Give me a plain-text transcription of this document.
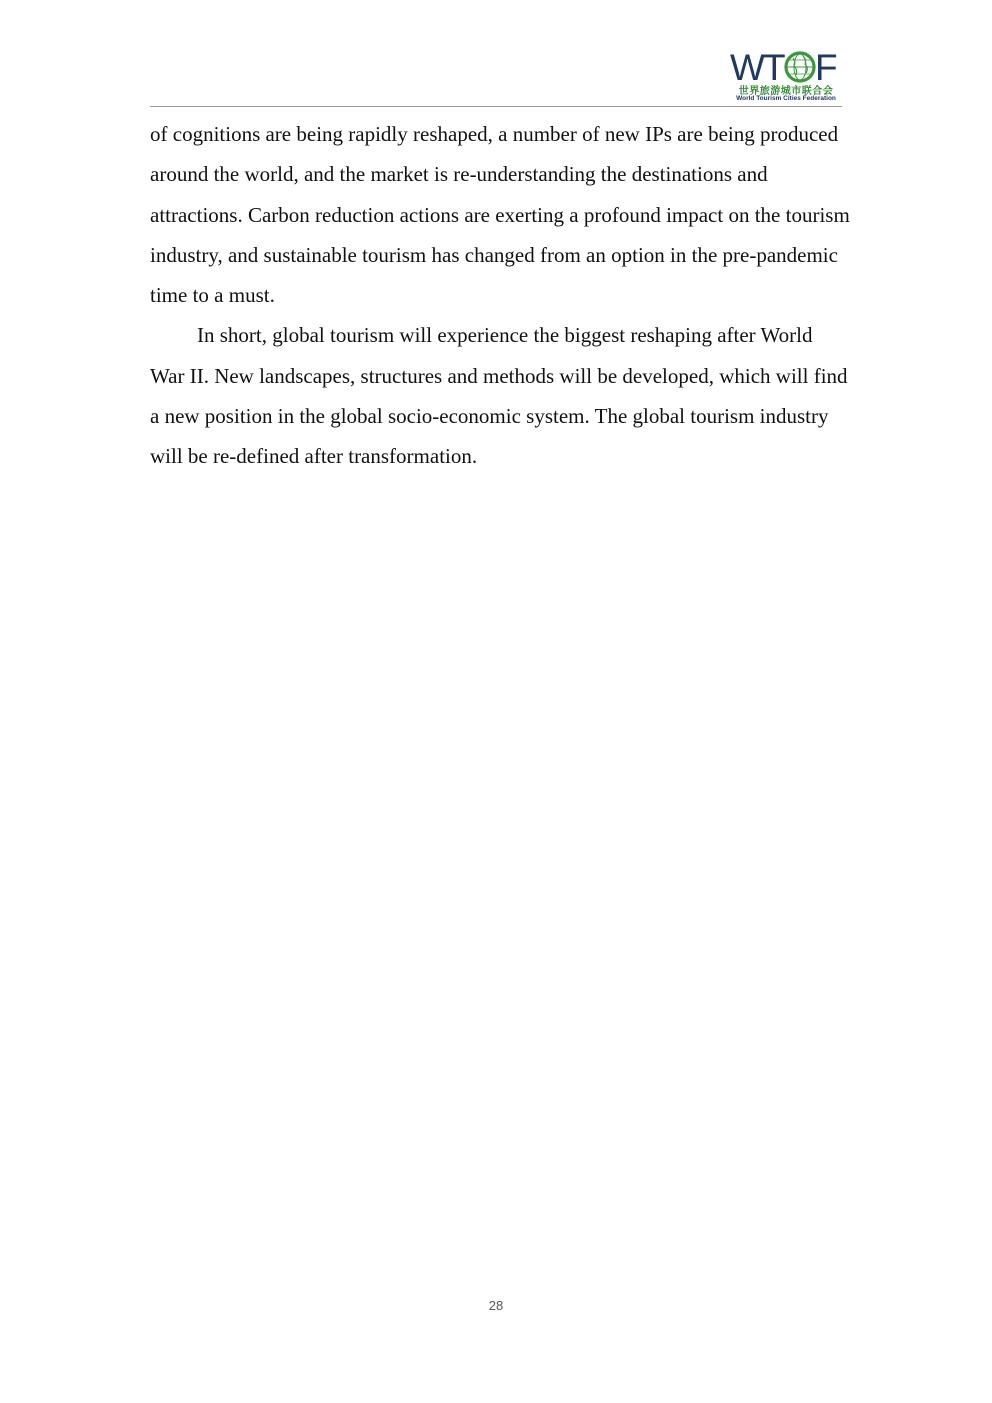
W
T F
世界旅游城市联合会
World Tourism Cities Federation

of cognitions are being rapidly reshaped, a number of new IPs are being produced around the world, and the market is re-understanding the destinations and attractions. Carbon reduction actions are exerting a profound impact on the tourism industry, and sustainable tourism has changed from an option in the pre-pandemic time to a must.

In short, global tourism will experience the biggest reshaping after World War II. New landscapes, structures and methods will be developed, which will find a new position in the global socio-economic system. The global tourism industry will be re-defined after transformation.

28
